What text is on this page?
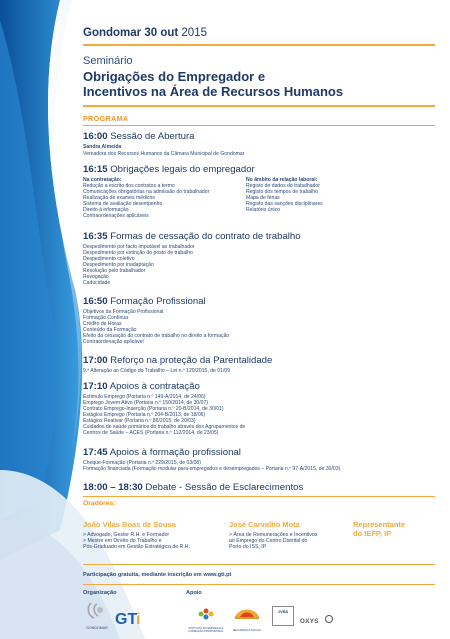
Gondomar 30 out 2015
Seminário
Obrigações do Empregador e
Incentivos na Área de Recursos Humanos
PROGRAMA
16:00 Sessão de Abertura
Sandra Almeida
Vereadora dos Recursos Humanos da Câmara Municipal de Gondomar
16:15 Obrigações legais do empregador
Na contratação:
Redução a escrito dos contratos a termo
Comunicações obrigatórias na admissão do trabalhador
Realização de exames médicos
Sistema de avaliação desempenho
Direito à informação
Contraordenações aplicáveis
No âmbito da relação laboral:
Registo de dados do trabalhador
Registo dos tempos de trabalho
Mapa de férias
Registo das sanções disciplinares
Relatório único
16:35 Formas de cessação do contrato de trabalho
Despedimento por facto imputável ao trabalhador
Despedimento por extinção do posto de trabalho
Despedimento coletivo
Despedimento por inadaptação
Resolução pelo trabalhador
Revogação
Caducidade
16:50 Formação Profissional
Objetivos da Formação Profissional
Formação Contínua
Crédito de Horas
Conteúdo da Formação
Efeito da cessação do contrato de trabalho no direito a formação
Contraordenação aplicável
17:00 Reforço na proteção da Parentalidade
9.ª Alteração ao Código do Trabalho – Lei n.º 120/2015, de 01/09
17:10 Apoios à contratação
Estímulo Emprego (Portaria n.º 149-A/2014, de 24/06)
Emprego Jovem Ativo (Portaria n.º 150/2014, de 30/07)
Contrato Emprego-Inserção (Portaria n.º 20-B/2014, de 30/01)
Estágios Emprego (Portaria n.º 204-B/2013, de 18/06)
Estágios Reativar (Portaria n.º 86/2015, de 20/03)
Cuidados de saúde primários do trabalho através dos Agrupamentos de
Centros de Saúde – ACES (Portaria n.º 112/2014, de 23/05)
17:45 Apoios à formação profissional
Cheque-Formação (Portaria n.º 229/2015, de 03/08)
Formação financiada (Formação modular para empregados e desempregados – Portaria n.º 97-A/2015, de 30/03)
18:00 – 18:30 Debate - Sessão de Esclarecimentos
Oradores:
João Vilas Boas de Sousa
> Advogado, Gestor R.H. e Formador
> Mestre em Direito do Trabalho e
Pós-Graduado em Gestão Estratégica de R.H.
José Carvalho Mota
> Área de Remunerações e Incentivos
ao Emprego do Centro Distrital do
Porto do ISS, IP
Representante
do IEFP, IP
Participação gratuita, mediante inscrição em www.gti.pt
Organização	Apoio
GONDOMAR GT
i
INSTITUTO DO EMPREGO E FORMAÇÃO PROFISSIONAL	SEGURANÇA SOCIAL
JVBS
OXYS
